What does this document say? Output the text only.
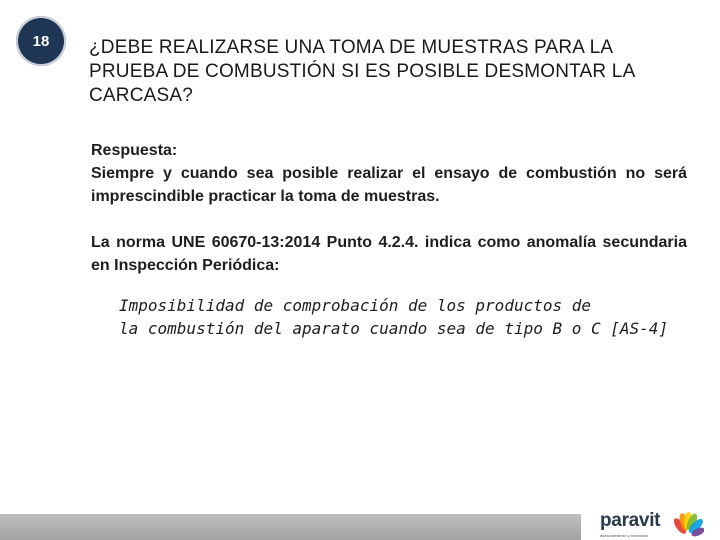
18 ¿DEBE REALIZARSE UNA TOMA DE MUESTRAS PARA LA PRUEBA DE COMBUSTIÓN SI ES POSIBLE DESMONTAR LA CARCASA?

Respuesta:

Siempre y cuando sea posible realizar el ensayo de combustión no será imprescindible practicar la toma de muestras.

La norma UNE 60670-13:2014 Punto 4.2.4. indica como anomalía secundaria en Inspección Periódica:

Imposibilidad de comprobación de los productos de

la combustión del aparato cuando sea de tipo B o C [AS-4]

paravit
asesoramiento y formación
